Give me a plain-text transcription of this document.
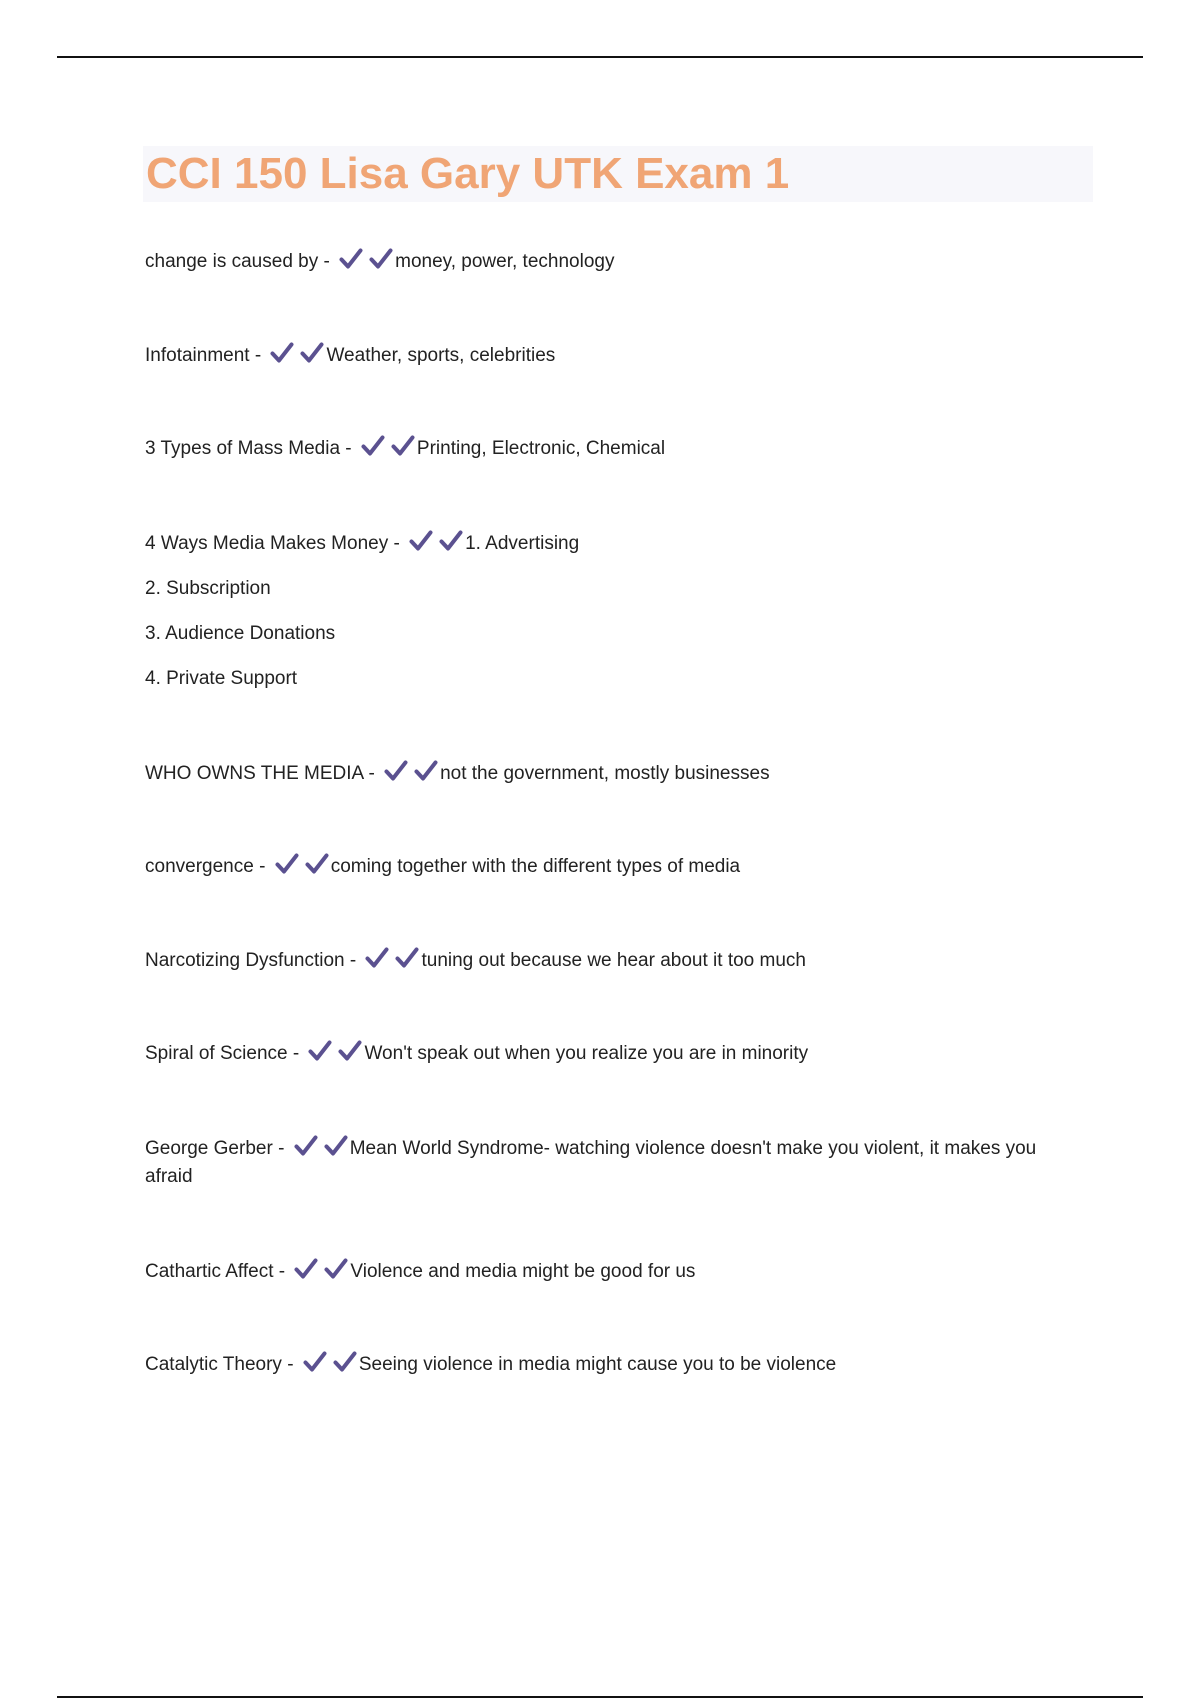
CCI 150 Lisa Gary UTK Exam 1
change is caused by -	money, power, technology
Infotainment -	Weather, sports, celebrities
3 Types of Mass Media -	Printing, Electronic, Chemical
4 Ways Media Makes Money -	1. Advertising
2. Subscription
3. Audience Donations
4. Private Support
WHO OWNS THE MEDIA -	not the government, mostly businesses
convergence -	coming together with the different types of media
Narcotizing Dysfunction -	tuning out because we hear about it too much
Spiral of Science -	Won't speak out when you realize you are in minority
George Gerber -	Mean World Syndrome- watching violence doesn't make you violent, it makes you afraid
Cathartic Affect -	Violence and media might be good for us
Catalytic Theory -	Seeing violence in media might cause you to be violence
